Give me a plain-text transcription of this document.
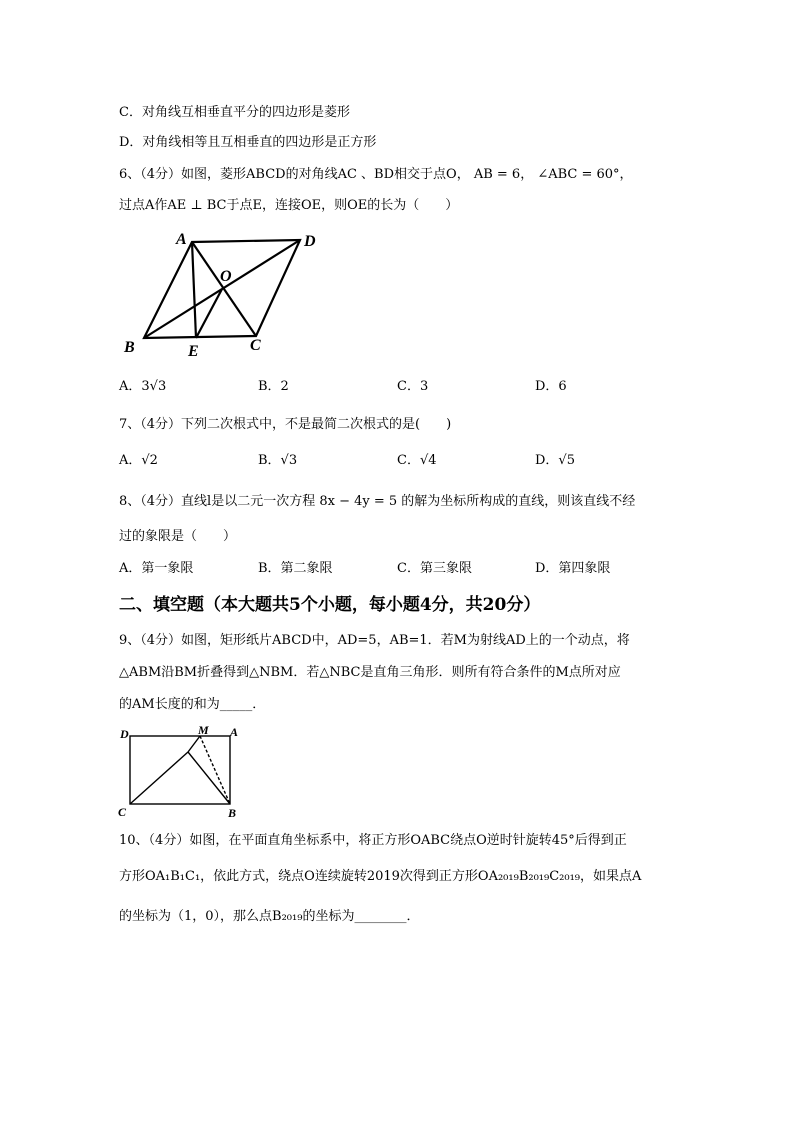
C．对角线互相垂直平分的四边形是菱形
D．对角线相等且互相垂直的四边形是正方形
6、（4分）如图，菱形ABCD的对角线AC 、BD相交于点O， AB = 6， ∠ABC = 60°，
过点A作AE ⊥ BC于点E，连接OE，则OE的长为（　　）
A	D
O
B	E	C
A．3√3	B．2	C．3	D．6
7、（4分）下列二次根式中，不是最简二次根式的是(　　)
A．√2	B．√3	C．√4	D．√5
8、（4分）直线l是以二元一次方程 8x − 4y = 5 的解为坐标所构成的直线，则该直线不经
过的象限是（　　）
A．第一象限	B．第二象限	C．第三象限	D．第四象限
二、填空题（本大题共5个小题，每小题4分，共20分）
9、（4分）如图，矩形纸片ABCD中，AD=5，AB=1．若M为射线AD上的一个动点，将
△ABM沿BM折叠得到△NBM．若△NBC是直角三角形．则所有符合条件的M点所对应
的AM长度的和为_____．
D	M A
C	B
10、（4分）如图，在平面直角坐标系中，将正方形OABC绕点O逆时针旋转45°后得到正
方形OA₁B₁C₁，依此方式，绕点O连续旋转2019次得到正方形OA₂₀₁₉B₂₀₁₉C₂₀₁₉，如果点A
的坐标为（1，0），那么点B₂₀₁₉的坐标为________．
